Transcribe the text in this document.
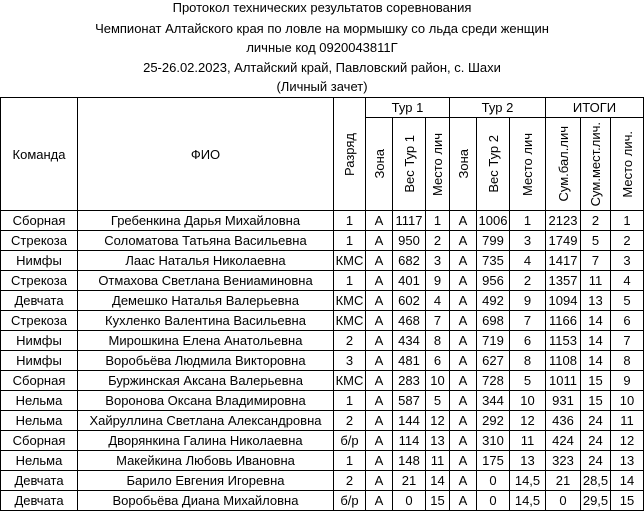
Протокол технических результатов соревнования
Чемпионат Алтайского края по ловле на мормышку со льда среди женщин
личные код 0920043811Г
25-26.02.2023, Алтайский край, Павловский район, с. Шахи
(Личный зачет)
Команда	ФИО	Разряд	Тур 1			Тур 2			ИТОГИ		

			Зона	Вес Тур 1	Место лич	Зона	Вес Тур 2	Место лич	Сум.бал.лич	Сум.мест.лич.	Место лич.

Сборная	Гребенкина Дарья Михайловна	1	A	1117	1	A	1006	1	2123	2	1
Стрекоза	Соломатова Татьяна Васильевна	1	A	950	2	A	799	3	1749	5	2
Нимфы	Лаас Наталья Николаевна	КМС	A	682	3	A	735	4	1417	7	3
Стрекоза	Отмахова Светлана Вениаминовна	1	A	401	9	A	956	2	1357	11	4
Девчата	Демешко Наталья Валерьевна	КМС	A	602	4	A	492	9	1094	13	5
Стрекоза	Кухленко Валентина Васильевна	КМС	A	468	7	A	698	7	1166	14	6
Нимфы	Мирошкина Елена Анатольевна	2	A	434	8	A	719	6	1153	14	7
Нимфы	Воробьёва Людмила Викторовна	3	A	481	6	A	627	8	1108	14	8
Сборная	Буржинская Аксана Валерьевна	КМС	A	283	10	A	728	5	1011	15	9
Нельма	Воронова Оксана Владимировна	1	A	587	5	A	344	10	931	15	10
Нельма	Хайруллина Светлана Александровна	2	A	144	12	A	292	12	436	24	11
Сборная	Дворянкина Галина Николаевна	б/р	A	114	13	A	310	11	424	24	12
Нельма	Макейкина Любовь Ивановна	1	A	148	11	A	175	13	323	24	13
Девчата	Барило Евгения Игоревна	2	A	21	14	A	0	14,5	21	28,5	14
Девчата	Воробьёва Диана Михайловна	б/р	A	0	15	A	0	14,5	0	29,5	15
